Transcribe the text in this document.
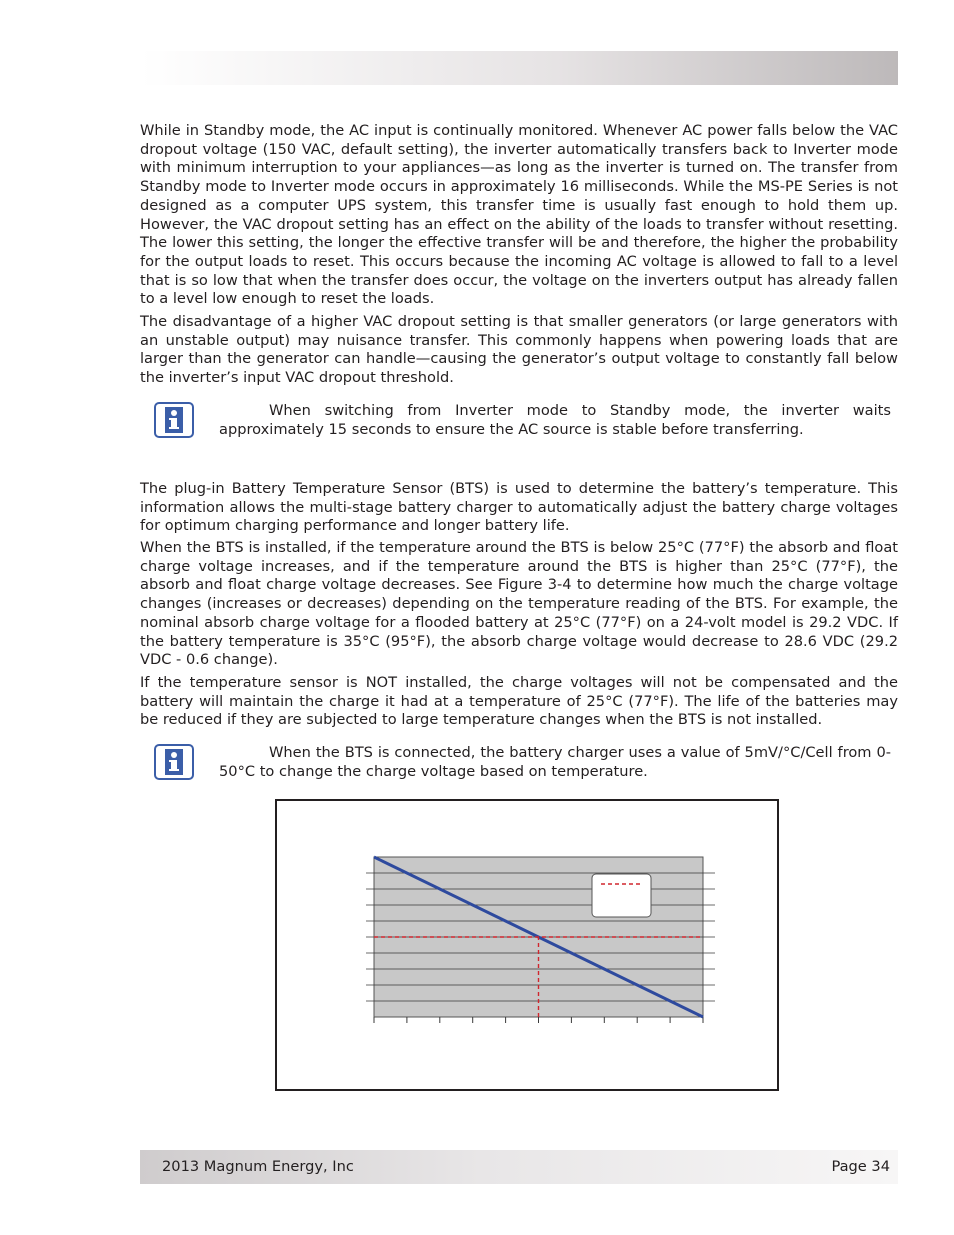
While in Standby mode, the AC input is continually monitored. Whenever AC power falls below the VAC dropout voltage (150 VAC, default setting), the inverter automatically transfers back to Inverter mode with minimum interruption to your appliances—as long as the inverter is turned on. The transfer from Standby mode to Inverter mode occurs in approximately 16 milliseconds. While the MS-PE Series is not designed as a computer UPS system, this transfer time is usually fast enough to hold them up. However, the VAC dropout setting has an effect on the ability of the loads to transfer without resetting. The lower this setting, the longer the effective transfer will be and therefore, the higher the probability for the output loads to reset. This occurs because the incoming AC voltage is allowed to fall to a level that is so low that when the transfer does occur, the voltage on the inverters output has already fallen to a level low enough to reset the loads.

The disadvantage of a higher VAC dropout setting is that smaller generators (or large generators with an unstable output) may nuisance transfer. This commonly happens when powering loads that are larger than the generator can handle—causing the generator’s output voltage to constantly fall below the inverter’s input VAC dropout threshold.

When switching from Inverter mode to Standby mode, the inverter waits approximately 15 seconds to ensure the AC source is stable before transferring.

The plug-in Battery Temperature Sensor (BTS) is used to determine the battery’s temperature. This information allows the multi-stage battery charger to automatically adjust the battery charge voltages for optimum charging performance and longer battery life.

When the BTS is installed, if the temperature around the BTS is below 25°C (77°F) the absorb and float charge voltage increases, and if the temperature around the BTS is higher than 25°C (77°F), the absorb and float charge voltage decreases. See Figure 3-4 to determine how much the charge voltage changes (increases or decreases) depending on the temperature reading of the BTS. For example, the nominal absorb charge voltage for a flooded battery at 25°C (77°F) on a 24-volt model is 29.2 VDC. If the battery temperature is 35°C (95°F), the absorb charge voltage would decrease to 28.6 VDC (29.2 VDC - 0.6 change).

If the temperature sensor is NOT installed, the charge voltages will not be compensated and the battery will maintain the charge it had at a temperature of 25°C (77°F). The life of the batteries may be reduced if they are subjected to large temperature changes when the BTS is not installed.

When the BTS is connected, the battery charger uses a value of 5mV/°C/Cell from 0-50°C to change the charge voltage based on temperature.

2013 Magnum Energy, Inc	Page 34
